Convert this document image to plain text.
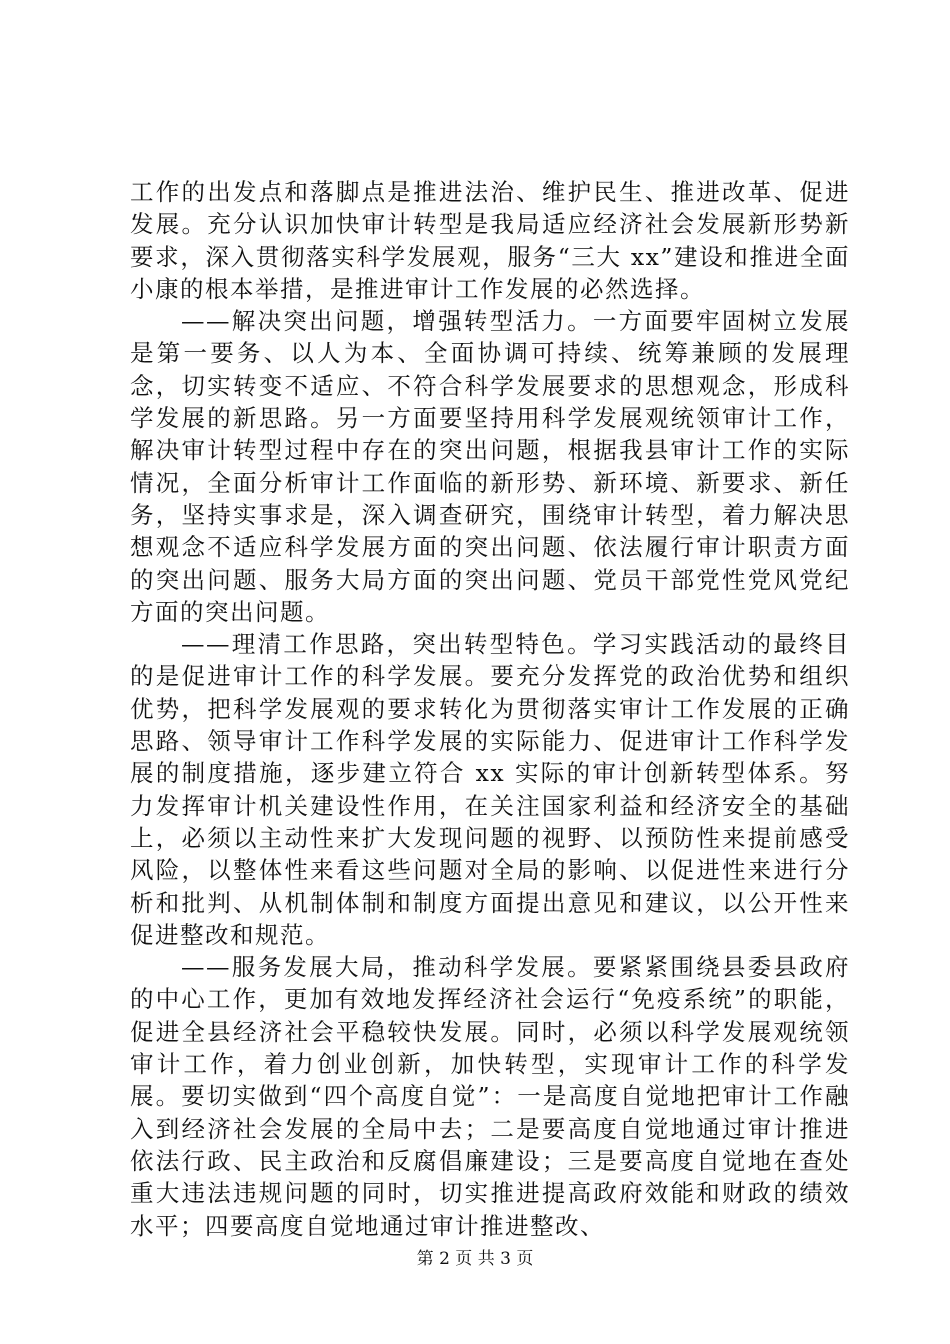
工作的出发点和落脚点是推进法治、维护民生、推进改革、促进发展。充分认识加快审计转型是我局适应经济社会发展新形势新要求，深入贯彻落实科学发展观，服务“三大 xx”建设和推进全面小康的根本举措，是推进审计工作发展的必然选择。

——解决突出问题，增强转型活力。一方面要牢固树立发展是第一要务、以人为本、全面协调可持续、统筹兼顾的发展理念，切实转变不适应、不符合科学发展要求的思想观念，形成科学发展的新思路。另一方面要坚持用科学发展观统领审计工作，解决审计转型过程中存在的突出问题，根据我县审计工作的实际情况，全面分析审计工作面临的新形势、新环境、新要求、新任务，坚持实事求是，深入调查研究，围绕审计转型，着力解决思想观念不适应科学发展方面的突出问题、依法履行审计职责方面的突出问题、服务大局方面的突出问题、党员干部党性党风党纪方面的突出问题。

——理清工作思路，突出转型特色。学习实践活动的最终目的是促进审计工作的科学发展。要充分发挥党的政治优势和组织优势，把科学发展观的要求转化为贯彻落实审计工作发展的正确思路、领导审计工作科学发展的实际能力、促进审计工作科学发展的制度措施，逐步建立符合 xx 实际的审计创新转型体系。努力发挥审计机关建设性作用，在关注国家利益和经济安全的基础上，必须以主动性来扩大发现问题的视野、以预防性来提前感受风险，以整体性来看这些问题对全局的影响、以促进性来进行分析和批判、从机制体制和制度方面提出意见和建议，以公开性来促进整改和规范。

——服务发展大局，推动科学发展。要紧紧围绕县委县政府的中心工作，更加有效地发挥经济社会运行“免疫系统”的职能，促进全县经济社会平稳较快发展。同时，必须以科学发展观统领审计工作，着力创业创新，加快转型，实现审计工作的科学发展。要切实做到“四个高度自觉”：一是高度自觉地把审计工作融入到经济社会发展的全局中去；二是要高度自觉地通过审计推进依法行政、民主政治和反腐倡廉建设；三是要高度自觉地在查处重大违法违规问题的同时，切实推进提高政府效能和财政的绩效水平；四要高度自觉地通过审计推进整改、

第 2 页 共 3 页
